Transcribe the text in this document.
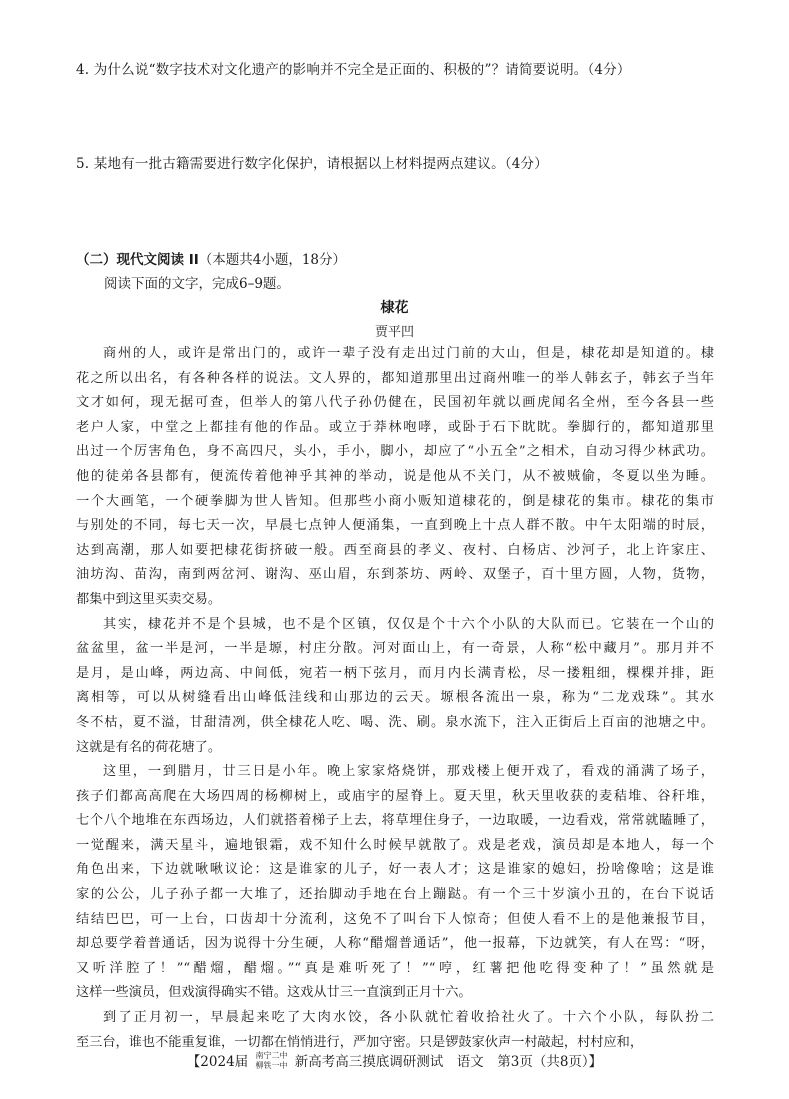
4. 为什么说“数字技术对文化遗产的影响并不完全是正面的、积极的”？请简要说明。（4分）
5. 某地有一批古籍需要进行数字化保护，请根据以上材料提两点建议。（4分）
（二）现代文阅读 II（本题共4小题，18分）
阅读下面的文字，完成6–9题。
棣花
贾平凹
商州的人，或许是常出门的，或许一辈子没有走出过门前的大山，但是，棣花却是知道的。棣
花之所以出名，有各种各样的说法。文人界的，都知道那里出过商州唯一的举人韩玄子，韩玄子当年
文才如何，现无据可查，但举人的第八代子孙仍健在，民国初年就以画虎闻名全州，至今各县一些
老户人家，中堂之上都挂有他的作品。或立于莽林咆哮，或卧于石下眈眈。拳脚行的，都知道那里
出过一个厉害角色，身不高四尺，头小，手小，脚小，却应了“小五全”之相术，自动习得少林武功。
他的徒弟各县都有，便流传着他神乎其神的举动，说是他从不关门，从不被贼偷，冬夏以坐为睡。
一个大画笔，一个硬拳脚为世人皆知。但那些小商小贩知道棣花的，倒是棣花的集市。棣花的集市
与别处的不同，每七天一次，早晨七点钟人便涌集，一直到晚上十点人群不散。中午太阳端的时辰，
达到高潮，那人如要把棣花街挤破一般。西至商县的孝义、夜村、白杨店、沙河子，北上许家庄、
油坊沟、苗沟，南到两岔河、谢沟、巫山眉，东到茶坊、两岭、双堡子，百十里方圆，人物，货物，
都集中到这里买卖交易。
其实，棣花并不是个县城，也不是个区镇，仅仅是个十六个小队的大队而已。它装在一个山的
盆盆里，盆一半是河，一半是塬，村庄分散。河对面山上，有一奇景，人称“松中藏月”。那月并不
是月，是山峰，两边高、中间低，宛若一柄下弦月，而月内长满青松，尽一搂粗细，棵棵并排，距
离相等，可以从树缝看出山峰低洼线和山那边的云天。塬根各流出一泉，称为“二龙戏珠”。其水
冬不枯，夏不溢，甘甜清冽，供全棣花人吃、喝、洗、刷。泉水流下，注入正街后上百亩的池塘之中。
这就是有名的荷花塘了。
这里，一到腊月，廿三日是小年。晚上家家烙烧饼，那戏楼上便开戏了，看戏的涌满了场子，
孩子们都高高爬在大场四周的杨柳树上，或庙宇的屋脊上。夏天里，秋天里收获的麦秸堆、谷秆堆，
七个八个地堆在东西场边，人们就搭着梯子上去，将草埋住身子，一边取暖，一边看戏，常常就瞌睡了，
一觉醒来，满天星斗，遍地银霜，戏不知什么时候早就散了。戏是老戏，演员却是本地人，每一个
角色出来，下边就啾啾议论：这是谁家的儿子，好一表人才；这是谁家的媳妇，扮啥像啥；这是谁
家的公公，儿子孙子都一大堆了，还抬脚动手地在台上蹦跶。有一个三十岁演小丑的，在台下说话
结结巴巴，可一上台，口齿却十分流利，这免不了叫台下人惊奇；但使人看不上的是他兼报节目，
却总要学着普通话，因为说得十分生硬，人称“醋熘普通话”，他一报幕，下边就笑，有人在骂：“呀，
又听洋腔了！”“醋熘，醋熘。”“真是难听死了！”“哼，红薯把他吃得变种了！”虽然就是
这样一些演员，但戏演得确实不错。这戏从廿三一直演到正月十六。
到了正月初一，早晨起来吃了大肉水饺，各小队就忙着收拾社火了。十六个小队，每队扮二
至三台，谁也不能重复谁，一切都在悄悄进行，严加守密。只是锣鼓家伙声一村敲起，村村应和，
【2024届 南宁二中
柳铁一中 新高考高三摸底调研测试　语文　第3页（共8页）】
